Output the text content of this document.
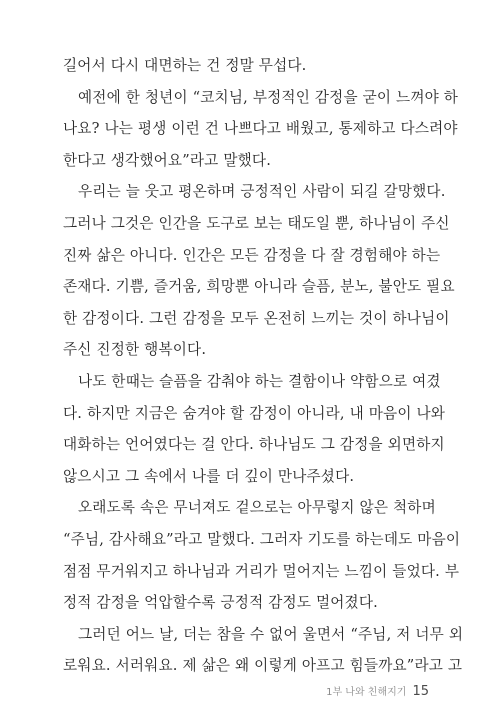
길어서 다시 대면하는 건 정말 무섭다.
예전에 한 청년이 “코치님, 부정적인 감정을 굳이 느껴야 하
나요? 나는 평생 이런 건 나쁘다고 배웠고, 통제하고 다스려야
한다고 생각했어요”라고 말했다.
우리는 늘 웃고 평온하며 긍정적인 사람이 되길 갈망했다.
그러나 그것은 인간을 도구로 보는 태도일 뿐, 하나님이 주신
진짜 삶은 아니다. 인간은 모든 감정을 다 잘 경험해야 하는
존재다. 기쁨, 즐거움, 희망뿐 아니라 슬픔, 분노, 불안도 필요
한 감정이다. 그런 감정을 모두 온전히 느끼는 것이 하나님이
주신 진정한 행복이다.
나도 한때는 슬픔을 감춰야 하는 결함이나 약함으로 여겼
다. 하지만 지금은 숨겨야 할 감정이 아니라, 내 마음이 나와
대화하는 언어였다는 걸 안다. 하나님도 그 감정을 외면하지
않으시고 그 속에서 나를 더 깊이 만나주셨다.
오래도록 속은 무너져도 겉으로는 아무렇지 않은 척하며
“주님, 감사해요”라고 말했다. 그러자 기도를 하는데도 마음이
점점 무거워지고 하나님과 거리가 멀어지는 느낌이 들었다. 부
정적 감정을 억압할수록 긍정적 감정도 멀어졌다.
그러던 어느 날, 더는 참을 수 없어 울면서 “주님, 저 너무 외
로워요. 서러워요. 제 삶은 왜 이렇게 아프고 힘들까요”라고 고
1부 나와 친해지기 15
